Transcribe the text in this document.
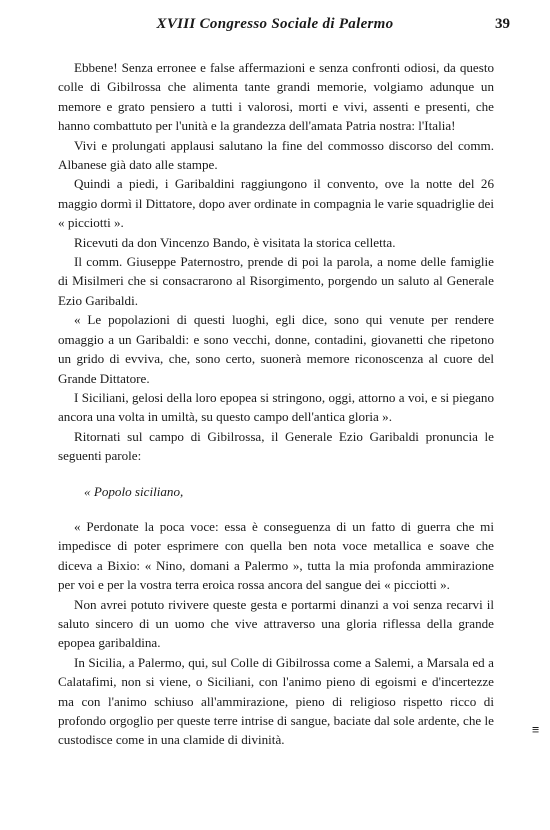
XVIII Congresso Sociale di Palermo	39

Ebbene! Senza erronee e false affermazioni e senza confronti odiosi, da questo colle di Gibilrossa che alimenta tante grandi memorie, volgiamo adunque un memore e grato pensiero a tutti i valorosi, morti e vivi, assenti e presenti, che hanno combattuto per l'unità e la grandezza dell'amata Patria nostra: l'Italia!

Vivi e prolungati applausi salutano la fine del commosso discorso del comm. Albanese già dato alle stampe.

Quindi a piedi, i Garibaldini raggiungono il convento, ove la notte del 26 maggio dormì il Dittatore, dopo aver ordinate in compagnia le varie squadriglie dei « picciotti ».

Ricevuti da don Vincenzo Bando, è visitata la storica celletta.

Il comm. Giuseppe Paternostro, prende di poi la parola, a nome delle famiglie di Misilmeri che si consacrarono al Risorgimento, porgendo un saluto al Generale Ezio Garibaldi.

« Le popolazioni di questi luoghi, egli dice, sono qui venute per rendere omaggio a un Garibaldi: e sono vecchi, donne, contadini, giovanetti che ripetono un grido di evviva, che, sono certo, suonerà memore riconoscenza al cuore del Grande Dittatore.

I Siciliani, gelosi della loro epopea si stringono, oggi, attorno a voi, e si piegano ancora una volta in umiltà, su questo campo dell'antica gloria ».

Ritornati sul campo di Gibilrossa, il Generale Ezio Garibaldi pronuncia le seguenti parole:

« Popolo siciliano,

« Perdonate la poca voce: essa è conseguenza di un fatto di guerra che mi impedisce di poter esprimere con quella ben nota voce metallica e soave che diceva a Bixio: « Nino, domani a Palermo », tutta la mia profonda ammirazione per voi e per la vostra terra eroica rossa ancora del sangue dei « picciotti ».

Non avrei potuto rivivere queste gesta e portarmi dinanzi a voi senza recarvi il saluto sincero di un uomo che vive attraverso una gloria riflessa della grande epopea garibaldina.

In Sicilia, a Palermo, qui, sul Colle di Gibilrossa come a Salemi, a Marsala ed a Calatafimi, non si viene, o Siciliani, con l'animo pieno di egoismi e d'incertezze ma con l'animo schiuso all'ammirazione, pieno di religioso rispetto ricco di profondo orgoglio per queste terre intrise di sangue, baciate dal sole ardente, che le custodisce come in una clamide di divinità.

≡
